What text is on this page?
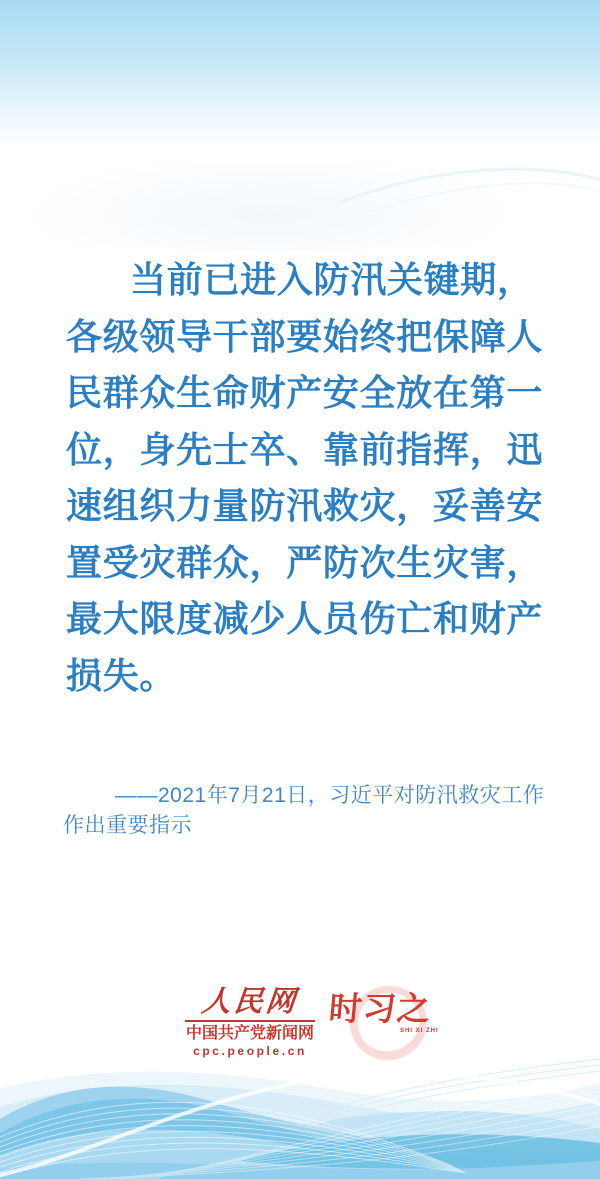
当前已进入防汛关键期，
各级领导干部要始终把保障人
民群众生命财产安全放在第一
位，身先士卒、靠前指挥，迅
速组织力量防汛救灾，妥善安
置受灾群众，严防次生灾害，
最大限度减少人员伤亡和财产
损失。
——2021年7月21日，习近平对防汛救灾工作
作出重要指示
人民网
中国共产党新闻网
cpc.people.cn
时习之
SHI XI ZHI
